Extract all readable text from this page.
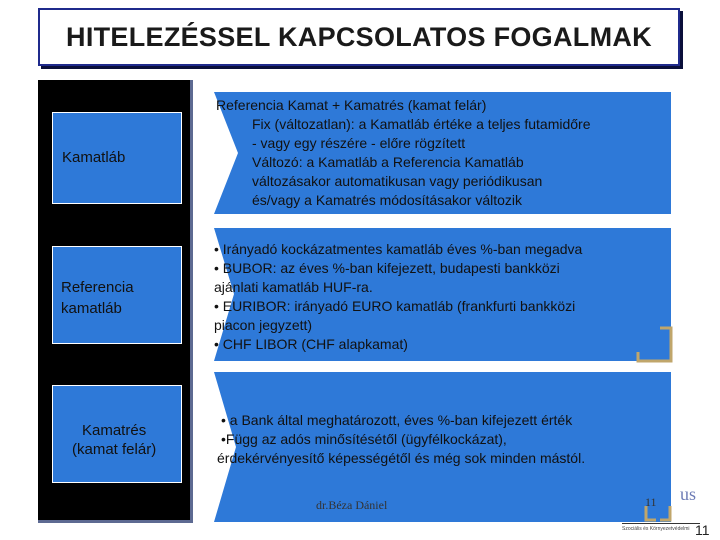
HITELEZÉSSEL KAPCSOLATOS FOGALMAK
Kamatláb
Referencia
kamatláb
Kamatrés
(kamat felár)
Referencia Kamat + Kamatrés (kamat felár)
Fix (változatlan): a Kamatláb értéke a teljes futamidőre
- vagy egy részére - előre rögzített
Változó: a Kamatláb a Referencia Kamatláb
változásakor automatikusan vagy periódikusan
és/vagy a Kamatrés módosításakor változik
• Irányadó kockázatmentes kamatláb éves %-ban megadva
• BUBOR: az éves %-ban kifejezett, budapesti bankközi
ajánlati kamatláb HUF-ra.
• EURIBOR: irányadó EURO kamatláb (frankfurti bankközi
piacon jegyzett)
• CHF LIBOR (CHF alapkamat)
• a Bank által meghatározott, éves %-ban kifejezett érték
•Függ az adós minősítésétől (ügyfélkockázat),
érdekérvényesítő képességétől és még sok minden mástól.
dr.Béza Dániel	11 us
Szociális és Környezetvédelmi 11
